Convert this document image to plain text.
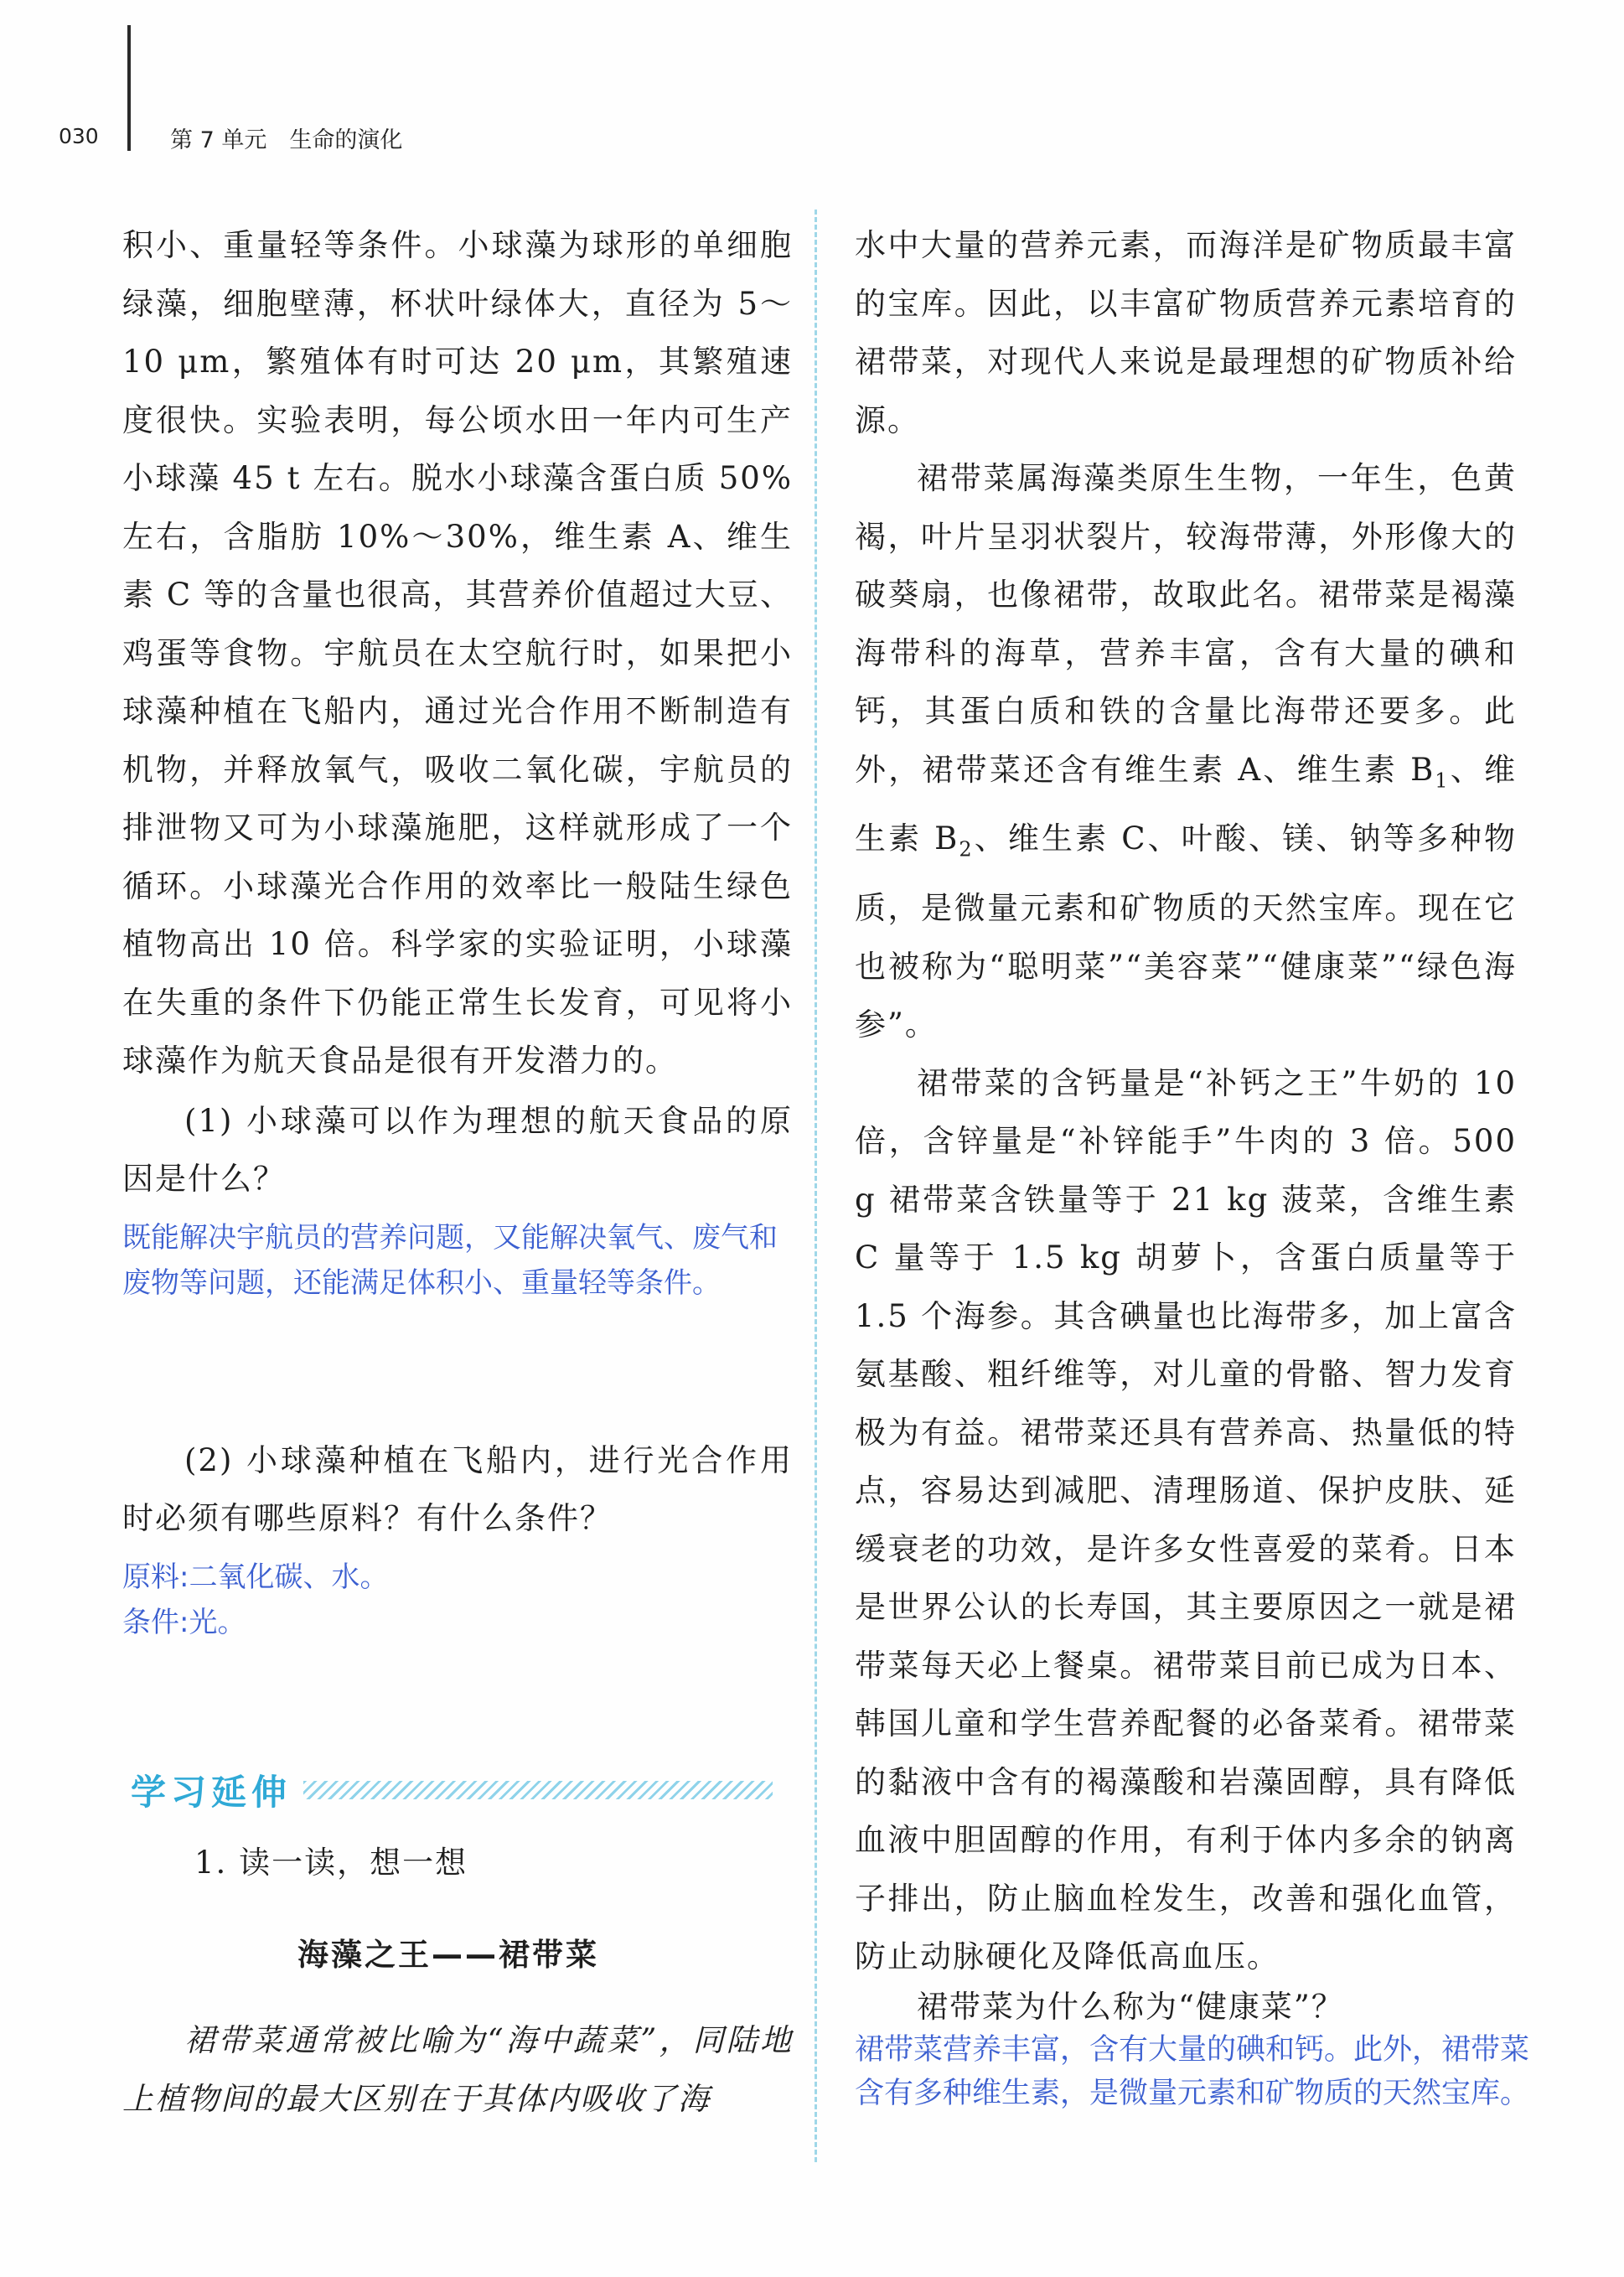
030	第 7 单元　生命的演化

积小、重量轻等条件。小球藻为球形的单细胞绿藻，细胞壁薄，杯状叶绿体大，直径为 5～10 μm，繁殖体有时可达 20 μm，其繁殖速度很快。实验表明，每公顷水田一年内可生产小球藻 45 t 左右。脱水小球藻含蛋白质 50%左右，含脂肪 10%～30%，维生素 A、维生素 C 等的含量也很高，其营养价值超过大豆、鸡蛋等食物。宇航员在太空航行时，如果把小球藻种植在飞船内，通过光合作用不断制造有机物，并释放氧气，吸收二氧化碳，宇航员的排泄物又可为小球藻施肥，这样就形成了一个循环。小球藻光合作用的效率比一般陆生绿色植物高出 10 倍。科学家的实验证明，小球藻在失重的条件下仍能正常生长发育，可见将小球藻作为航天食品是很有开发潜力的。

(1) 小球藻可以作为理想的航天食品的原因是什么？

既能解决宇航员的营养问题，又能解决氧气、废气和废物等问题，还能满足体积小、重量轻等条件。

(2) 小球藻种植在飞船内，进行光合作用时必须有哪些原料？有什么条件？

原料:二氧化碳、水。

条件:光。

学习延伸
1. 读一读，想一想
海藻之王——裙带菜

裙带菜通常被比喻为“海中蔬菜”，同陆地上植物间的最大区别在于其体内吸收了海

水中大量的营养元素，而海洋是矿物质最丰富的宝库。因此，以丰富矿物质营养元素培育的裙带菜，对现代人来说是最理想的矿物质补给源。

裙带菜属海藻类原生生物，一年生，色黄褐，叶片呈羽状裂片，较海带薄，外形像大的破葵扇，也像裙带，故取此名。裙带菜是褐藻海带科的海草，营养丰富，含有大量的碘和钙，其蛋白质和铁的含量比海带还要多。此外，裙带菜还含有维生素 A、维生素 $B_1$、维生素 $B_2$、维生素 C、叶酸、镁、钠等多种物质，是微量元素和矿物质的天然宝库。现在它也被称为“聪明菜”“美容菜”“健康菜”“绿色海参”。

裙带菜的含钙量是“补钙之王”牛奶的 10 倍，含锌量是“补锌能手”牛肉的 3 倍。500 g 裙带菜含铁量等于 21 kg 菠菜，含维生素 C 量等于 1.5 kg 胡萝卜，含蛋白质量等于 1.5 个海参。其含碘量也比海带多，加上富含氨基酸、粗纤维等，对儿童的骨骼、智力发育极为有益。裙带菜还具有营养高、热量低的特点，容易达到减肥、清理肠道、保护皮肤、延缓衰老的功效，是许多女性喜爱的菜肴。日本是世界公认的长寿国，其主要原因之一就是裙带菜每天必上餐桌。裙带菜目前已成为日本、韩国儿童和学生营养配餐的必备菜肴。裙带菜的黏液中含有的褐藻酸和岩藻固醇，具有降低血液中胆固醇的作用，有利于体内多余的钠离子排出，防止脑血栓发生，改善和强化血管，防止动脉硬化及降低高血压。

裙带菜为什么称为“健康菜”？

裙带菜营养丰富，含有大量的碘和钙。此外，裙带菜含有多种维生素，是微量元素和矿物质的天然宝库。
